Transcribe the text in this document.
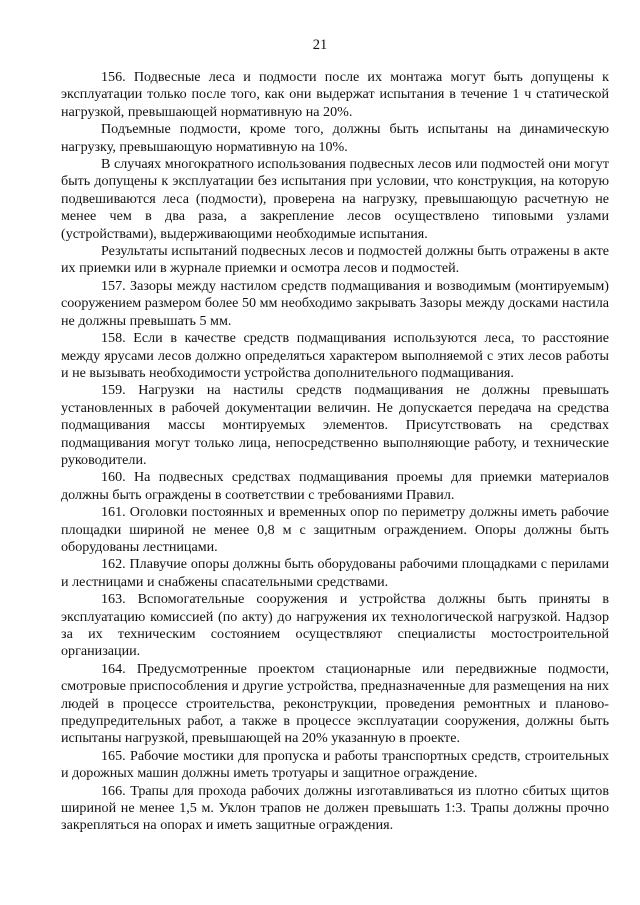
21

156. Подвесные леса и подмости после их монтажа могут быть допущены к эксплуатации только после того, как они выдержат испытания в течение 1 ч статической нагрузкой, превышающей нормативную на 20%.

Подъемные подмости, кроме того, должны быть испытаны на динамическую нагрузку, превышающую нормативную на 10%.

В случаях многократного использования подвесных лесов или подмостей они могут быть допущены к эксплуатации без испытания при условии, что конструкция, на которую подвешиваются леса (подмости), проверена на нагрузку, превышающую расчетную не менее чем в два раза, а закрепление лесов осуществлено типовыми узлами (устройствами), выдерживающими необходимые испытания.

Результаты испытаний подвесных лесов и подмостей должны быть отражены в акте их приемки или в журнале приемки и осмотра лесов и подмостей.

157. Зазоры между настилом средств подмащивания и возводимым (монтируемым) сооружением размером более 50 мм необходимо закрывать Зазоры между досками настила не должны превышать 5 мм.

158. Если в качестве средств подмащивания используются леса, то расстояние между ярусами лесов должно определяться характером выполняемой с этих лесов работы и не вызывать необходимости устройства дополнительного подмащивания.

159. Нагрузки на настилы средств подмащивания не должны превышать установленных в рабочей документации величин. Не допускается передача на средства подмащивания массы монтируемых элементов. Присутствовать на средствах подмащивания могут только лица, непосредственно выполняющие работу, и технические руководители.

160. На подвесных средствах подмащивания проемы для приемки материалов должны быть ограждены в соответствии с требованиями Правил.

161. Оголовки постоянных и временных опор по периметру должны иметь рабочие площадки шириной не менее 0,8 м с защитным ограждением. Опоры должны быть оборудованы лестницами.

162. Плавучие опоры должны быть оборудованы рабочими площадками с перилами и лестницами и снабжены спасательными средствами.

163. Вспомогательные сооружения и устройства должны быть приняты в эксплуатацию комиссией (по акту) до нагружения их технологической нагрузкой. Надзор за их техническим состоянием осуществляют специалисты мостостроительной организации.

164. Предусмотренные проектом стационарные или передвижные подмости, смотровые приспособления и другие устройства, предназначенные для размещения на них людей в процессе строительства, реконструкции, проведения ремонтных и планово-предупредительных работ, а также в процессе эксплуатации сооружения, должны быть испытаны нагрузкой, превышающей на 20% указанную в проекте.

165. Рабочие мостики для пропуска и работы транспортных средств, строительных и дорожных машин должны иметь тротуары и защитное ограждение.

166. Трапы для прохода рабочих должны изготавливаться из плотно сбитых щитов шириной не менее 1,5 м. Уклон трапов не должен превышать 1:3. Трапы должны прочно закрепляться на опорах и иметь защитные ограждения.
